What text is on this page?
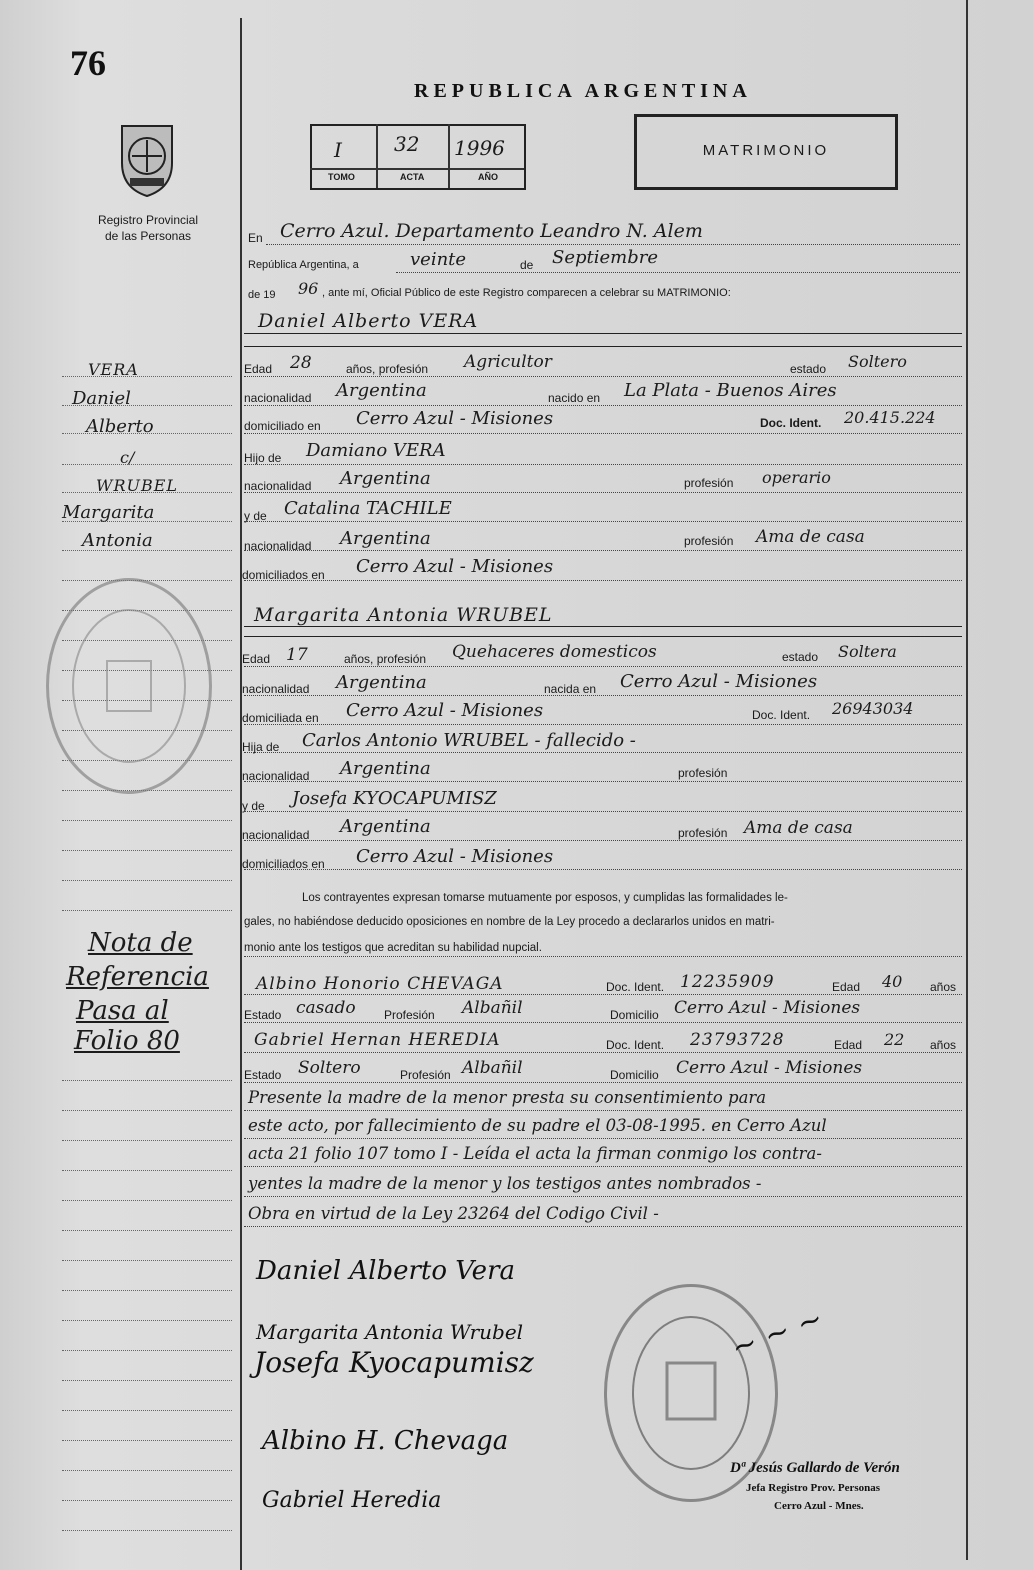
76
Registro Provincial
de las Personas
REPUBLICA ARGENTINA
I	32 1996
TOMO	ACTA	AÑO
MATRIMONIO
En Cerro Azul. Departamento Leandro N. Alem
República Argentina, a	veinte	de Septiembre
de 19 96 , ante mí, Oficial Público de este Registro comparecen a celebrar su MATRIMONIO:
Daniel Alberto VERA
Edad 28	años, profesión Agricultor	estado Soltero
nacionalidad Argentina	nacido en La Plata - Buenos Aires
domiciliado en Cerro Azul - Misiones	Doc. Ident. 20.415.224
Hijo de Damiano VERA
nacionalidad Argentina	profesión operario
y de Catalina TACHILE
nacionalidad Argentina	profesión Ama de casa
domiciliados en Cerro Azul - Misiones
Margarita Antonia WRUBEL
Edad 17	años, profesión Quehaceres domesticos	estado Soltera
nacionalidad Argentina	nacida en Cerro Azul - Misiones
domiciliada en Cerro Azul - Misiones	Doc. Ident. 26943034
Hija de Carlos Antonio WRUBEL - fallecido -
nacionalidad Argentina	profesión
y de Josefa KYOCAPUMISZ
nacionalidad Argentina	profesión Ama de casa
domiciliados en Cerro Azul - Misiones
Los contrayentes expresan tomarse mutuamente por esposos, y cumplidas las formalidades le-
gales, no habiéndose deducido oposiciones en nombre de la Ley procedo a declararlos unidos en matri-
monio ante los testigos que acreditan su habilidad nupcial.
Albino Honorio CHEVAGA	Doc. Ident. 12235909	Edad 40 años
Estado casado Profesión Albañil	Domicilio Cerro Azul - Misiones
Gabriel Hernan HEREDIA	Doc. Ident. 23793728	Edad 22 años
Estado Soltero	Profesión Albañil	Domicilio Cerro Azul - Misiones
Presente la madre de la menor presta su consentimiento para
este acto, por fallecimiento de su padre el 03-08-1995. en Cerro Azul
acta 21 folio 107 tomo I - Leída el acta la firman conmigo los contra-
yentes la madre de la menor y los testigos antes nombrados -
Obra en virtud de la Ley 23264 del Codigo Civil -
Daniel Alberto Vera
Margarita Antonia Wrubel
Josefa Kyocapumisz
Albino H. Chevaga
Gabriel Heredia
~ ~ ~
Dª Jesús Gallardo de Verón
Jefa Registro Prov. Personas
Cerro Azul - Mnes.
VERA
Daniel
Alberto
c/
WRUBEL
Margarita
Antonia
Nota de
Referencia
Pasa al
Folio 80
